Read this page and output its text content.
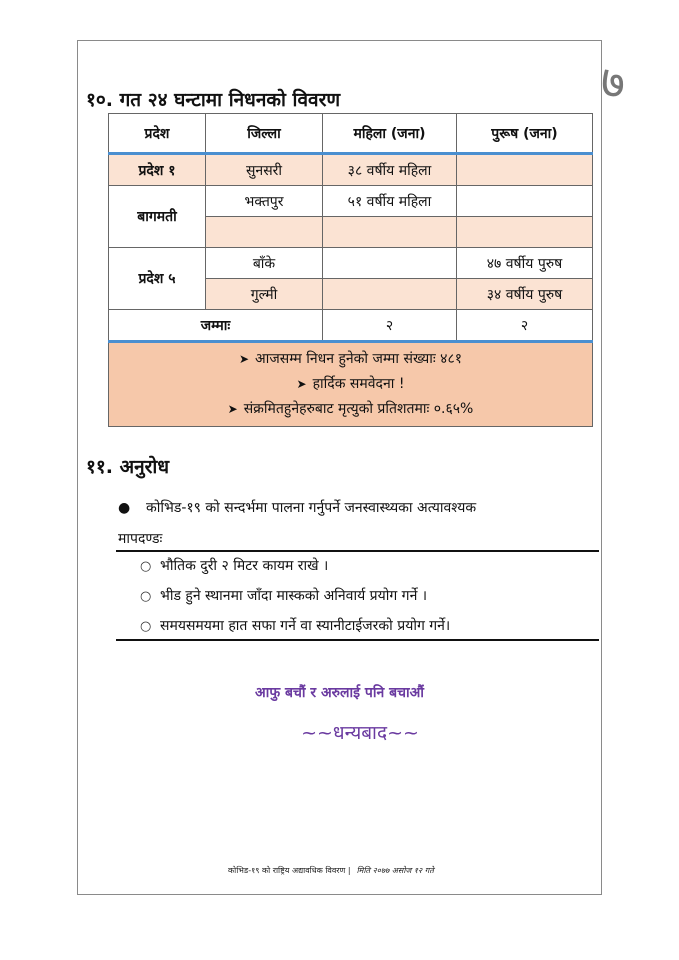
७
१०. गत २४ घन्टामा निधनको विवरण
प्रदेश	जिल्ला	महिला (जना)	पुरूष (जना)
प्रदेश १	सुनसरी	३८ वर्षीय महिला	
बागमती	भक्तपुर	५१ वर्षीय महिला	

प्रदेश ५	बाँके		४७ वर्षीय पुरुष
	गुल्मी		३४ वर्षीय पुरुष
जम्माः		२	२

➤ आजसम्म निधन हुनेको जम्मा संख्याः ४८१
➤ हार्दिक समवेदना !
➤ संक्रमितहुनेहरुबाट मृत्युको प्रतिशतमाः ०.६५%			
११. अनुरोध
●	कोभिड-१९ को सन्दर्भमा पालना गर्नुपर्ने जनस्वास्थ्यका अत्यावश्यक
मापदण्डः
○ भौतिक दुरी २ मिटर कायम राखे ।
○ भीड हुने स्थानमा जाँदा मास्कको अनिवार्य प्रयोग गर्ने ।
○ समयसमयमा हात सफा गर्ने वा स्यानीटाईजरको प्रयोग गर्ने।
आफु बचौं र अरुलाई पनि बचाऔं
~~धन्यबाद~~
कोभिड-१९ को राष्ट्रिय अद्यावधिक विवरण | मिति २०७७ असोज १२ गते
